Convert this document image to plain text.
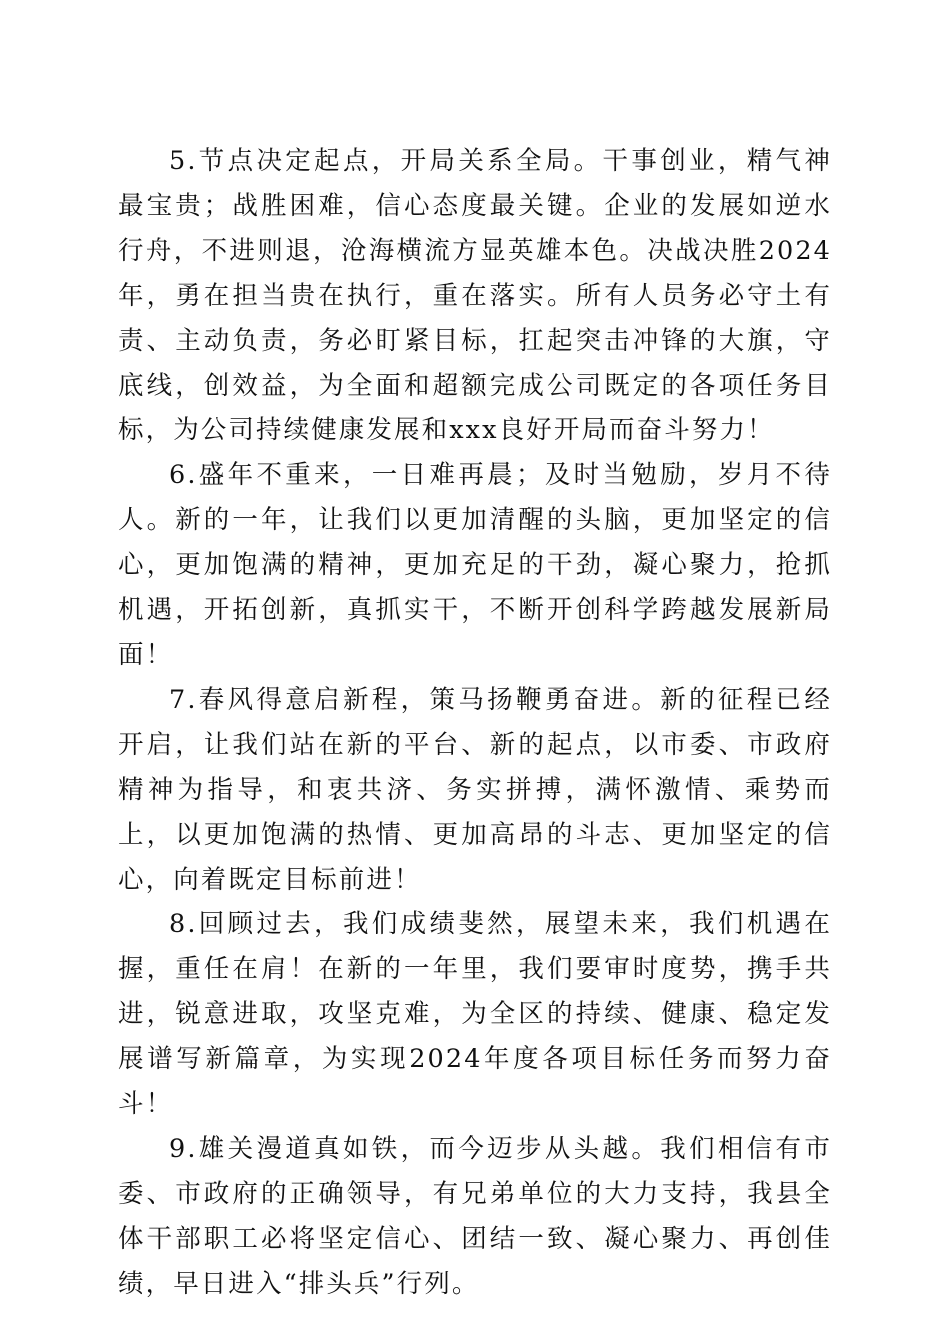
5.节点决定起点，开局关系全局。干事创业，精气神最宝贵；战胜困难，信心态度最关键。企业的发展如逆水行舟，不进则退，沧海横流方显英雄本色。决战决胜2024年，勇在担当贵在执行，重在落实。所有人员务必守土有责、主动负责，务必盯紧目标，扛起突击冲锋的大旗，守底线，创效益，为全面和超额完成公司既定的各项任务目标，为公司持续健康发展和xxx良好开局而奋斗努力！

6.盛年不重来，一日难再晨；及时当勉励，岁月不待人。新的一年，让我们以更加清醒的头脑，更加坚定的信心，更加饱满的精神，更加充足的干劲，凝心聚力，抢抓机遇，开拓创新，真抓实干，不断开创科学跨越发展新局面！

7.春风得意启新程，策马扬鞭勇奋进。新的征程已经开启，让我们站在新的平台、新的起点，以市委、市政府精神为指导，和衷共济、务实拼搏，满怀激情、乘势而上，以更加饱满的热情、更加高昂的斗志、更加坚定的信心，向着既定目标前进！

8.回顾过去，我们成绩斐然，展望未来，我们机遇在握，重任在肩！在新的一年里，我们要审时度势，携手共进，锐意进取，攻坚克难，为全区的持续、健康、稳定发展谱写新篇章，为实现2024年度各项目标任务而努力奋斗！

9.雄关漫道真如铁，而今迈步从头越。我们相信有市委、市政府的正确领导，有兄弟单位的大力支持，我县全体干部职工必将坚定信心、团结一致、凝心聚力、再创佳绩，早日进入“排头兵”行列。
